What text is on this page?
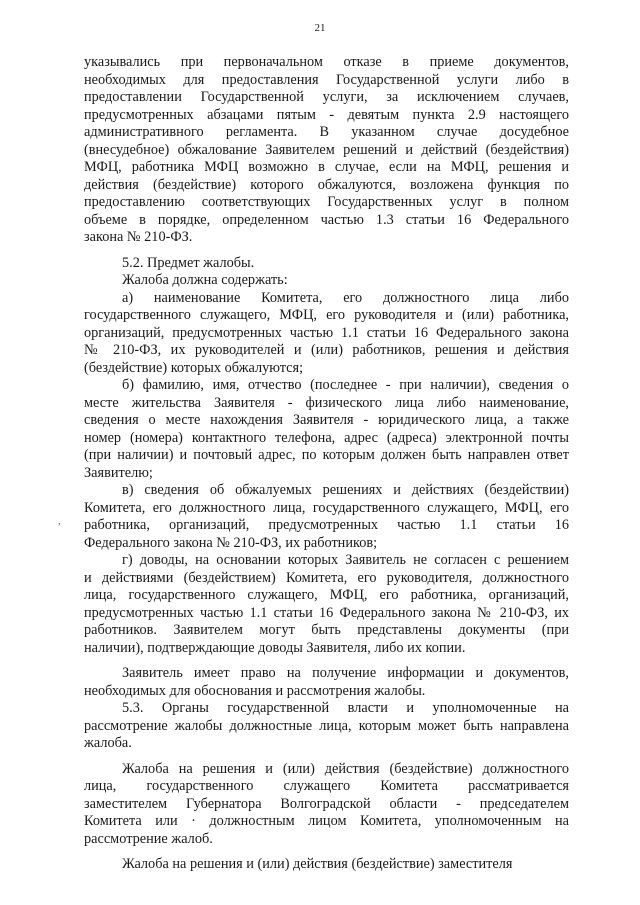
21
,

указывались при первоначальном отказе в приеме документов,
необходимых для предоставления Государственной услуги либо в
предоставлении Государственной услуги, за исключением случаев,
предусмотренных абзацами пятым - девятым пункта 2.9 настоящего
административного регламента. В указанном случае досудебное
(внесудебное) обжалование Заявителем решений и действий (бездействия)
МФЦ, работника МФЦ возможно в случае, если на МФЦ, решения и
действия (бездействие) которого обжалуются, возложена функция по
предоставлению соответствующих Государственных услуг в полном
объеме в порядке, определенном частью 1.3 статьи 16 Федерального
закона № 210-ФЗ.

5.2. Предмет жалобы.

Жалоба должна содержать:

а) наименование Комитета, его должностного лица либо
государственного служащего, МФЦ, его руководителя и (или) работника,
организаций, предусмотренных частью 1.1 статьи 16 Федерального закона
№ 210-ФЗ, их руководителей и (или) работников, решения и действия
(бездействие) которых обжалуются;

б) фамилию, имя, отчество (последнее - при наличии), сведения о
месте жительства Заявителя - физического лица либо наименование,
сведения о месте нахождения Заявителя - юридического лица, а также
номер (номера) контактного телефона, адрес (адреса) электронной почты
(при наличии) и почтовый адрес, по которым должен быть направлен ответ
Заявителю;

в) сведения об обжалуемых решениях и действиях (бездействии)
Комитета, его должностного лица, государственного служащего, МФЦ, его
работника, организаций, предусмотренных частью 1.1 статьи 16
Федерального закона № 210-ФЗ, их работников;

г) доводы, на основании которых Заявитель не согласен с решением
и действиями (бездействием) Комитета, его руководителя, должностного
лица, государственного служащего, МФЦ, его работника, организаций,
предусмотренных частью 1.1 статьи 16 Федерального закона № 210-ФЗ, их
работников. Заявителем могут быть представлены документы (при
наличии), подтверждающие доводы Заявителя, либо их копии.

Заявитель имеет право на получение информации и документов,
необходимых для обоснования и рассмотрения жалобы.

5.3. Органы государственной власти и уполномоченные на
рассмотрение жалобы должностные лица, которым может быть направлена
жалоба.

Жалоба на решения и (или) действия (бездействие) должностного
лица, государственного служащего Комитета рассматривается
заместителем Губернатора Волгоградской области - председателем
Комитета или · должностным лицом Комитета, уполномоченным на
рассмотрение жалоб.

Жалоба на решения и (или) действия (бездействие) заместителя
